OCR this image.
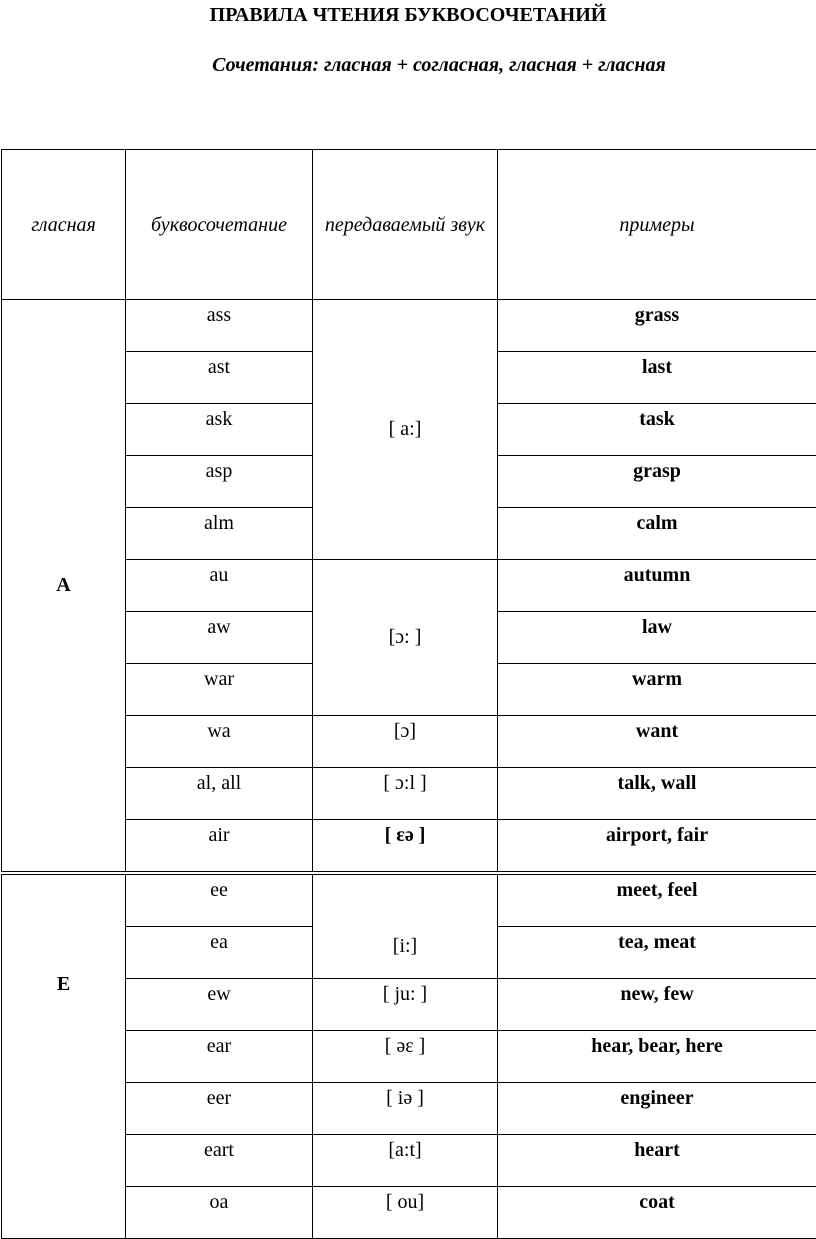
ПРАВИЛА ЧТЕНИЯ БУКВОСОЧЕТАНИЙ
Сочетания: гласная + согласная, гласная + гласная
гласная	буквосочетание	передаваемый звук	примеры
A	ass	[ a:]	grass

	ast		last

	ask		task

	asp		grasp

	alm		calm

	au	[ɔ: ]	autumn

	aw		law

	war		warm

	wa	[ɔ]	want

	al, all	[ ɔ:l ]	talk, wall

	air	[ ɛə ]	airport, fair

E	ee	[i:]	meet, feel

	ea		tea, meat

	ew	[ ju: ]	new, few

	ear	[ əɛ ]	hear, bear, here

	eer	[ iə ]	engineer

	eart	[a:t]	heart

	oa	[ ou]	coat
